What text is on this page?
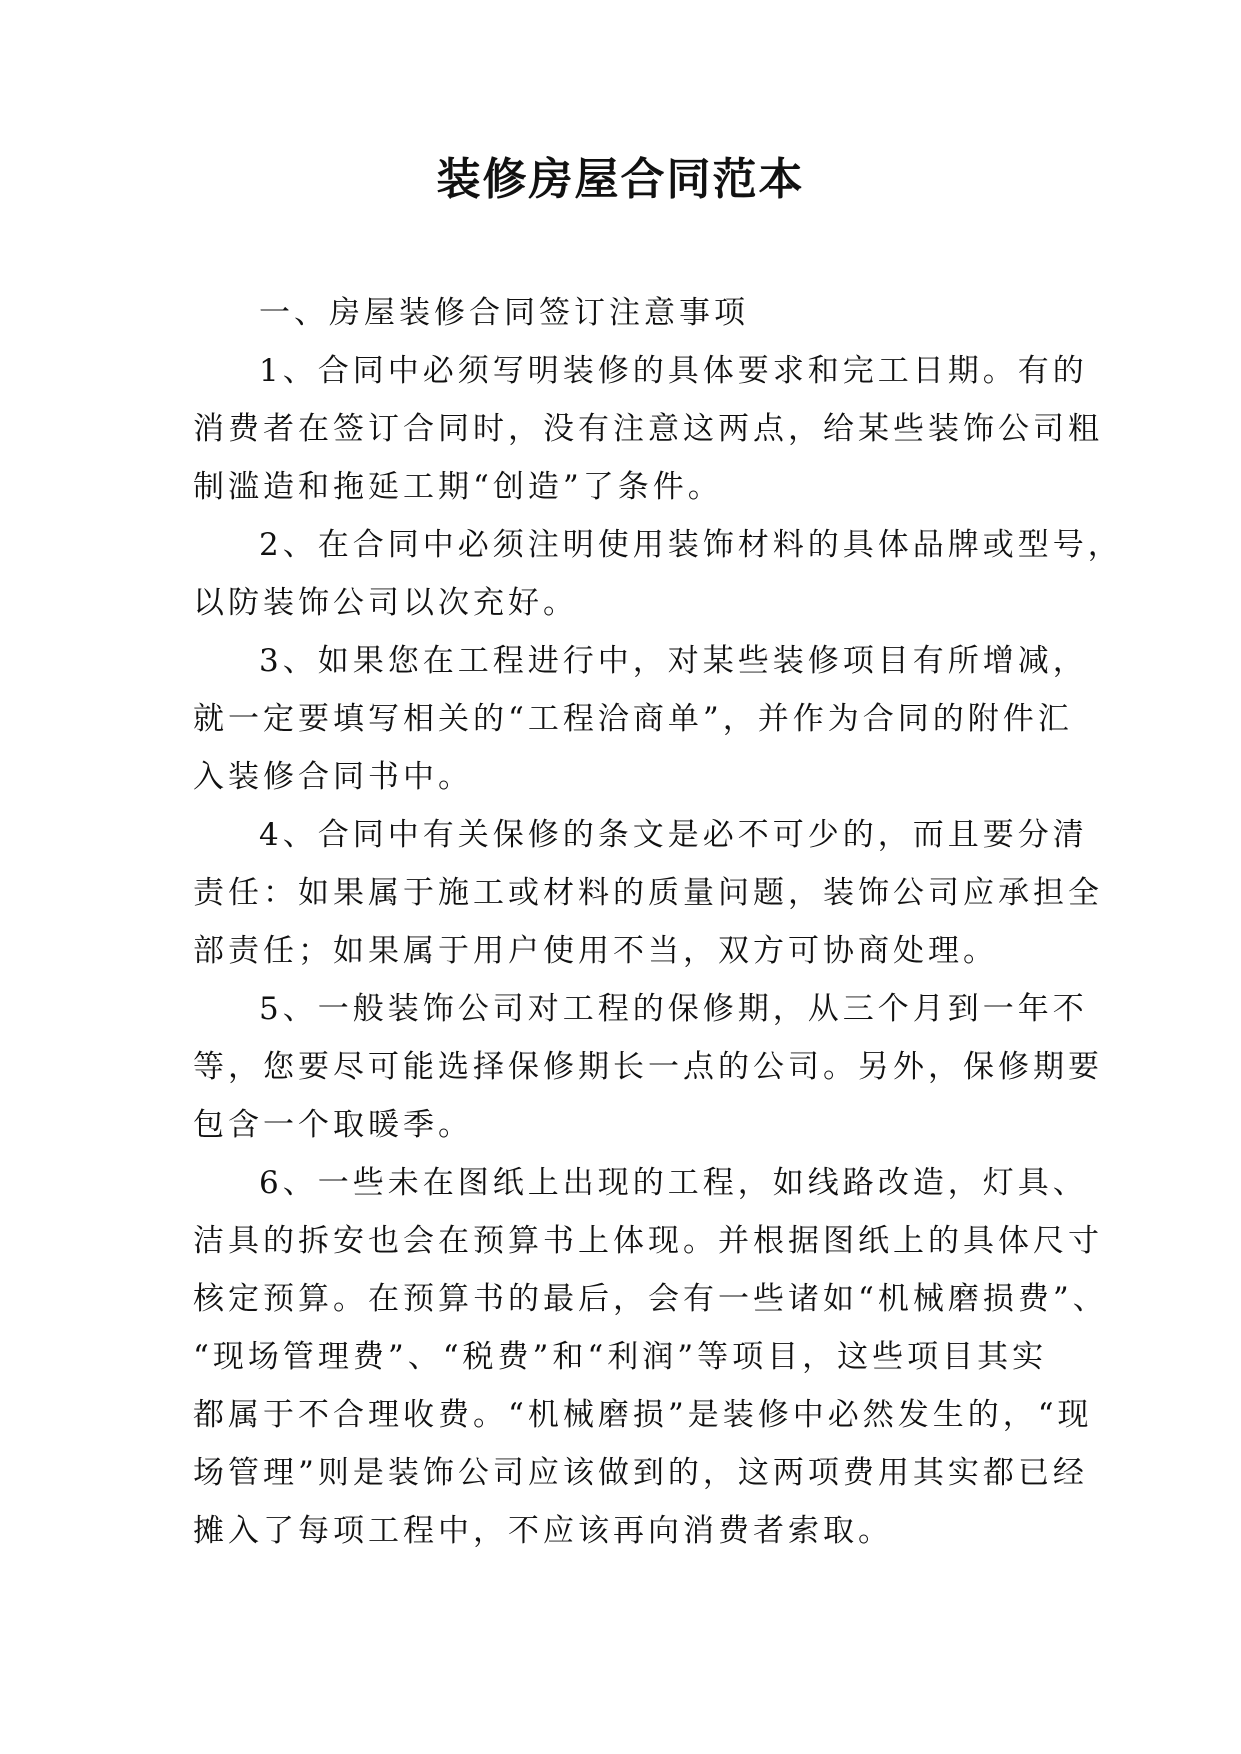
装修房屋合同范本
一、房屋装修合同签订注意事项
1、合同中必须写明装修的具体要求和完工日期。有的
消费者在签订合同时，没有注意这两点，给某些装饰公司粗
制滥造和拖延工期“创造”了条件。
2、在合同中必须注明使用装饰材料的具体品牌或型号，
以防装饰公司以次充好。
3、如果您在工程进行中，对某些装修项目有所增减，
就一定要填写相关的“工程洽商单”，并作为合同的附件汇
入装修合同书中。
4、合同中有关保修的条文是必不可少的，而且要分清
责任：如果属于施工或材料的质量问题，装饰公司应承担全
部责任；如果属于用户使用不当，双方可协商处理。
5、一般装饰公司对工程的保修期，从三个月到一年不
等，您要尽可能选择保修期长一点的公司。另外，保修期要
包含一个取暖季。
6、一些未在图纸上出现的工程，如线路改造，灯具、
洁具的拆安也会在预算书上体现。并根据图纸上的具体尺寸
核定预算。在预算书的最后，会有一些诸如“机械磨损费”、
“现场管理费”、“税费”和“利润”等项目，这些项目其实
都属于不合理收费。“机械磨损”是装修中必然发生的，“现
场管理”则是装饰公司应该做到的，这两项费用其实都已经
摊入了每项工程中，不应该再向消费者索取。
